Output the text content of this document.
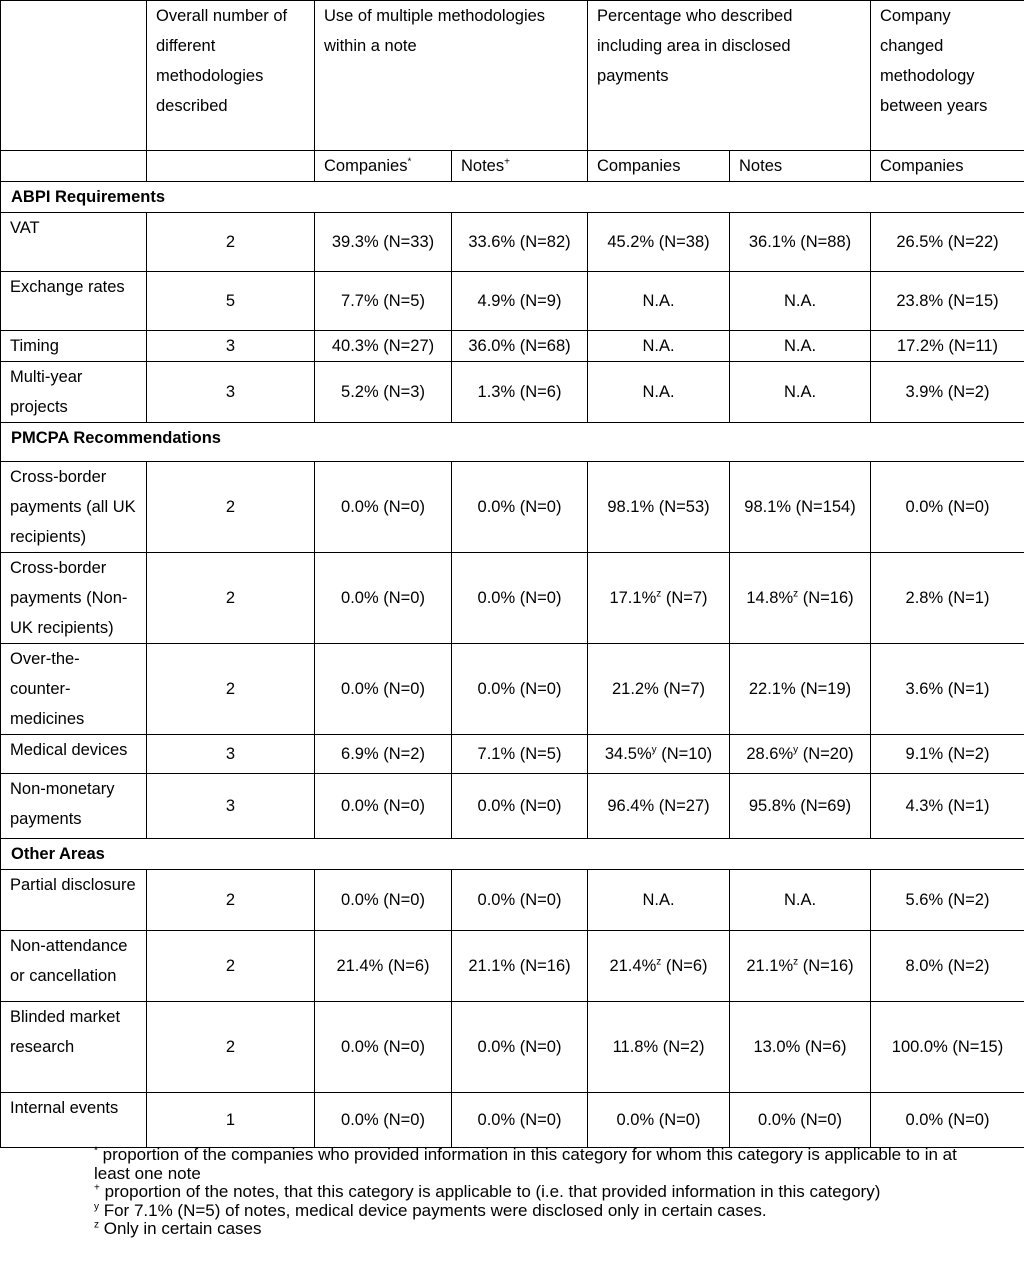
	Overall number of different methodologies described	Use of multiple methodologies within a note		Percentage who described including area in disclosed payments		Company changed methodology between years
		Companies*	Notes+	Companies	Notes	Companies
ABPI Requirements						
VAT	2	39.3% (N=33)	33.6% (N=82)	45.2% (N=38)	36.1% (N=88)	26.5% (N=22)
Exchange rates	5	7.7% (N=5)	4.9% (N=9)	N.A.	N.A.	23.8% (N=15)
Timing	3	40.3% (N=27)	36.0% (N=68)	N.A.	N.A.	17.2% (N=11)
Multi-year projects	3	5.2% (N=3)	1.3% (N=6)	N.A.	N.A.	3.9% (N=2)
PMCPA Recommendations						
Cross-border payments (all UK recipients)	2	0.0% (N=0)	0.0% (N=0)	98.1% (N=53)	98.1% (N=154)	0.0% (N=0)
Cross-border payments (Non-UK recipients)	2	0.0% (N=0)	0.0% (N=0)	17.1%$^z$ (N=7)	14.8%$^z$ (N=16)	2.8% (N=1)
Over-the-counter-medicines	2	0.0% (N=0)	0.0% (N=0)	21.2% (N=7)	22.1% (N=19)	3.6% (N=1)
Medical devices	3	6.9% (N=2)	7.1% (N=5)	34.5%$^y$ (N=10)	28.6%$^y$ (N=20)	9.1% (N=2)
Non-monetary payments	3	0.0% (N=0)	0.0% (N=0)	96.4% (N=27)	95.8% (N=69)	4.3% (N=1)
Other Areas						
Partial disclosure	2	0.0% (N=0)	0.0% (N=0)	N.A.	N.A.	5.6% (N=2)
Non-attendance or cancellation	2	21.4% (N=6)	21.1% (N=16)	21.4%$^z$ (N=6)	21.1%$^z$ (N=16)	8.0% (N=2)
Blinded market research	2	0.0% (N=0)	0.0% (N=0)	11.8% (N=2)	13.0% (N=6)	100.0% (N=15)
Internal events	1	0.0% (N=0)	0.0% (N=0)	0.0% (N=0)	0.0% (N=0)	0.0% (N=0)

* proportion of the companies who provided information in this category for whom this category is applicable to in at least one note

+ proportion of the notes, that this category is applicable to (i.e. that provided information in this category)

$^y$ For 7.1% (N=5) of notes, medical device payments were disclosed only in certain cases.

$^z$ Only in certain cases
